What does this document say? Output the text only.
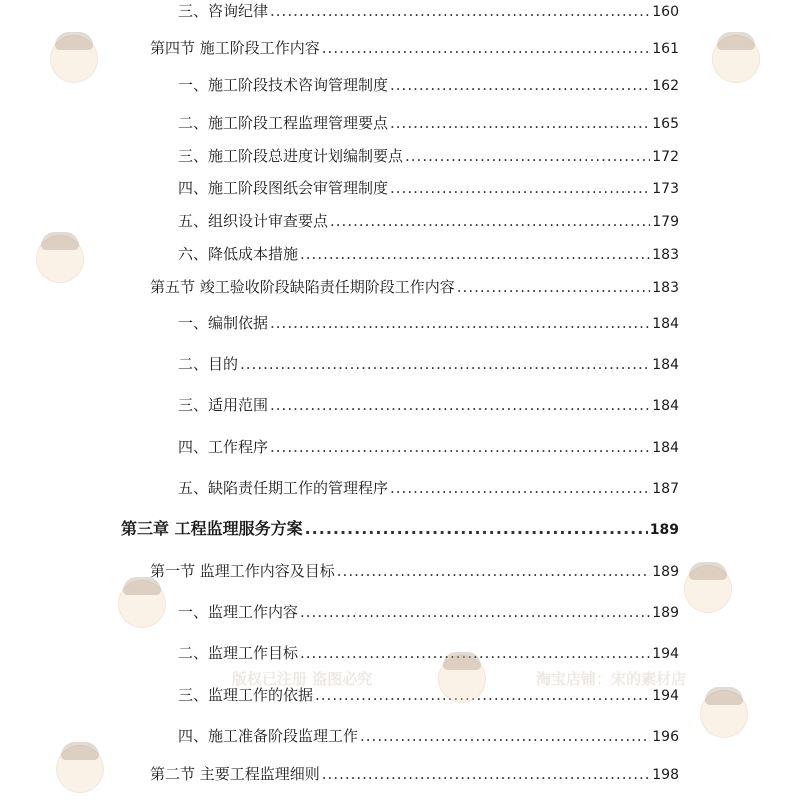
三、咨询纪律 .....	160
第四节 施工阶段工作内容 .....	161
一、施工阶段技术咨询管理制度 .....	162
二、施工阶段工程监理管理要点 .....	165
三、施工阶段总进度计划编制要点 .....	172
四、施工阶段图纸会审管理制度 .....	173
五、组织设计审查要点 .....	179
六、降低成本措施 .....	183
第五节 竣工验收阶段缺陷责任期阶段工作内容 .....	183
一、编制依据 .....	184
二、目的 .....	184
三、适用范围 .....	184
四、工作程序 .....	184
五、缺陷责任期工作的管理程序 .....	187
第三章 工程监理服务方案 .....	189
第一节 监理工作内容及目标 .....	189
一、监理工作内容 .....	189
二、监理工作目标 .....	194
三、监理工作的依据 .....	194
四、施工准备阶段监理工作 .....	196
第二节 主要工程监理细则 .....	198
版权已注册 盗图必究	淘宝店铺：宋的素材店
